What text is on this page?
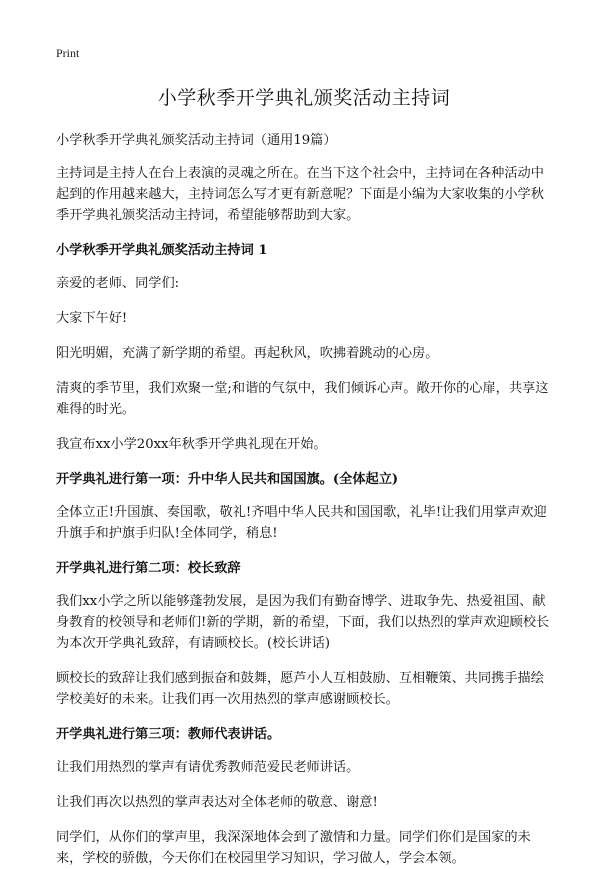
Print

小学秋季开学典礼颁奖活动主持词

小学秋季开学典礼颁奖活动主持词（通用19篇）

主持词是主持人在台上表演的灵魂之所在。在当下这个社会中，主持词在各种活动中起到的作用越来越大，主持词怎么写才更有新意呢？下面是小编为大家收集的小学秋季开学典礼颁奖活动主持词，希望能够帮助到大家。

小学秋季开学典礼颁奖活动主持词 1

亲爱的老师、同学们:

大家下午好!

阳光明媚，充满了新学期的希望。再起秋风，吹拂着跳动的心房。

清爽的季节里，我们欢聚一堂;和谐的气氛中，我们倾诉心声。敞开你的心扉，共享这难得的时光。

我宣布xx小学20xx年秋季开学典礼现在开始。

开学典礼进行第一项：升中华人民共和国国旗。(全体起立)

全体立正!升国旗、奏国歌，敬礼!齐唱中华人民共和国国歌，礼毕!让我们用掌声欢迎升旗手和护旗手归队!全体同学，稍息!

开学典礼进行第二项：校长致辞

我们xx小学之所以能够蓬勃发展，是因为我们有勤奋博学、进取争先、热爱祖国、献身教育的校领导和老师们!新的学期，新的希望，下面，我们以热烈的掌声欢迎顾校长为本次开学典礼致辞，有请顾校长。(校长讲话)

顾校长的致辞让我们感到振奋和鼓舞，愿芦小人互相鼓励、互相鞭策、共同携手描绘学校美好的未来。让我们再一次用热烈的掌声感谢顾校长。

开学典礼进行第三项：教师代表讲话。

让我们用热烈的掌声有请优秀教师范爱民老师讲话。

让我们再次以热烈的掌声表达对全体老师的敬意、谢意!

同学们，从你们的掌声里，我深深地体会到了激情和力量。同学们你们是国家的未来，学校的骄傲，今天你们在校园里学习知识，学习做人，学会本领。
